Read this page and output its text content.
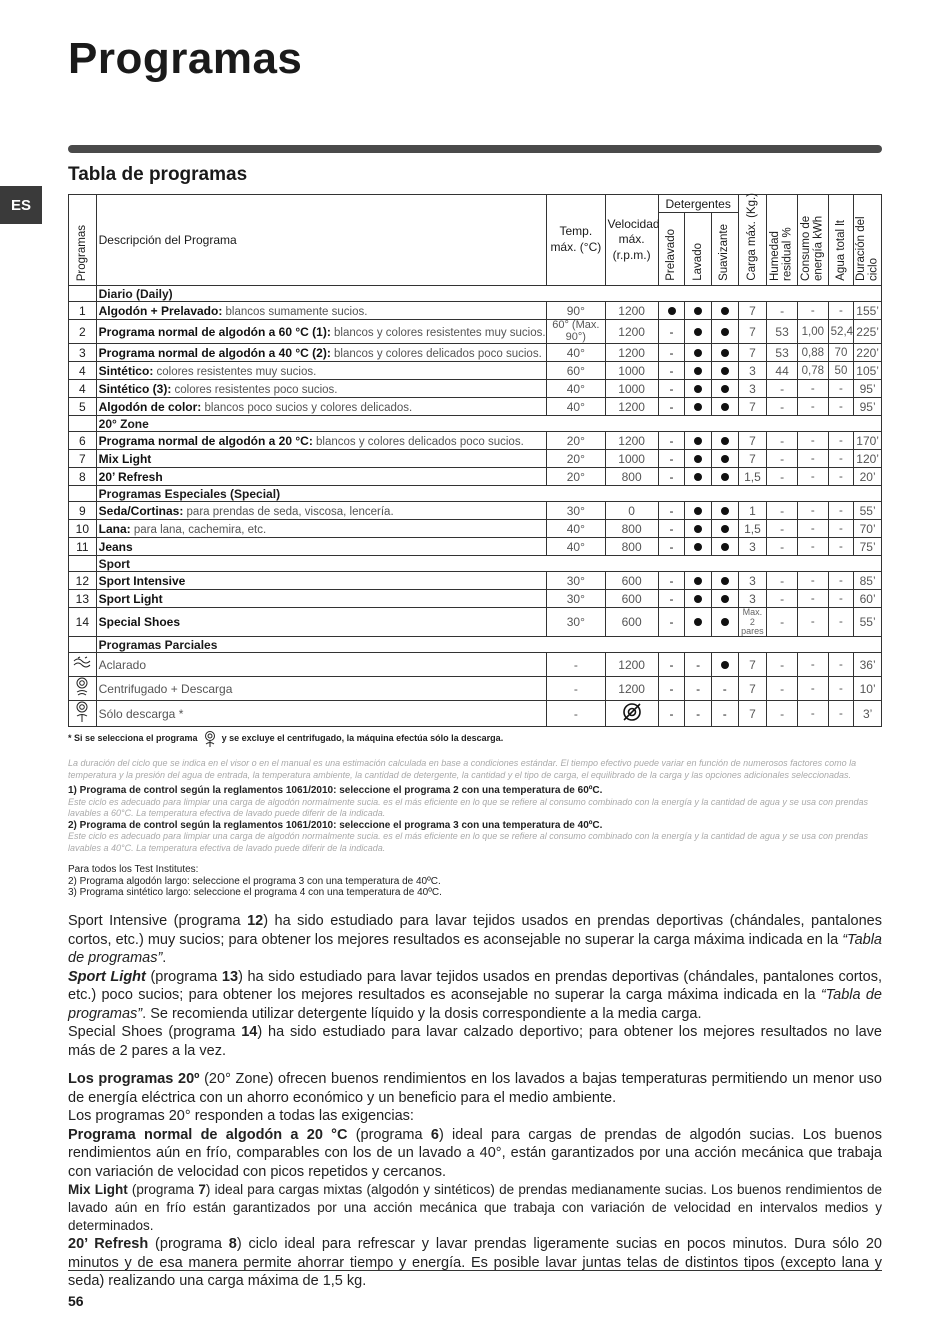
Programas
ES
Tabla de programas
Programas	Descripción del Programa	Temp. máx. (°C)	Velocidad máx. (r.p.m.)	Detergentes			Carga máx. (Kg.)	Humedad residual %	Consumo de energía kWh	Agua total lt	Duración del ciclo

				Prelavado	Lavado	Suavizante					

	Diario (Daily)										
1	Algodón + Prelavado: blancos sumamente sucios.	90°	1200				7	-	-	-	155’
2	Programa normal de algodón a 60 °C (1): blancos y colores resistentes muy sucios.	60° (Max. 90°)	1200	-			7	53	1,00	52,4	225’
3	Programa normal de algodón a 40 °C (2): blancos y colores delicados poco sucios.	40°	1200	-			7	53	0,88	70	220’
4	Sintético: colores resistentes muy sucios.	60°	1000	-			3	44	0,78	50	105’
4	Sintético (3): colores resistentes poco sucios.	40°	1000	-			3	-	-	-	95’
5	Algodón de color: blancos poco sucios y colores delicados.	40°	1200	-			7	-	-	-	95’
	20° Zone										
6	Programa normal de algodón a 20 °C: blancos y colores delicados poco sucios.	20°	1200	-			7	-	-	-	170’
7	Mix Light	20°	1000	-			7	-	-	-	120’
8	20’ Refresh	20°	800	-			1,5	-	-	-	20’
	Programas Especiales (Special)										
9	Seda/Cortinas: para prendas de seda, viscosa, lencería.	30°	0	-			1	-	-	-	55’
10	Lana: para lana, cachemira, etc.	40°	800	-			1,5	-	-	-	70’
11	Jeans	40°	800	-			3	-	-	-	75’
	Sport										
12	Sport Intensive	30°	600	-			3	-	-	-	85’
13	Sport Light	30°	600	-			3	-	-	-	60’
14	Special Shoes	30°	600	-			Max. 2 pares	-	-	-	55’
	Programas Parciales										
	Aclarado	-	1200	-	-		7	-	-	-	36’
	Centrifugado + Descarga	-	1200	-	-	-	7	-	-	-	10’
	Sólo descarga *	-		-	-	-	7	-	-	-	3’

* Si se selecciona el programa	y se excluye el centrifugado, la máquina efectúa sólo la descarga.

La duración del ciclo que se indica en el visor o en el manual es una estimación calculada en base a condiciones estándar. El tiempo efectivo puede variar en función de numerosos factores como la temperatura y la presión del agua de entrada, la temperatura ambiente, la cantidad de detergente, la cantidad y el tipo de carga, el equilibrado de la carga y las opciones adicionales seleccionadas.

1) Programa de control según la reglamentos 1061/2010: seleccione el programa 2 con una temperatura de 60ºC.

Este ciclo es adecuado para limpiar una carga de algodón normalmente sucia. es el más eficiente en lo que se refiere al consumo combinado con la energía y la cantidad de agua y se usa con prendas lavables a 60°C. La temperatura efectiva de lavado puede diferir de la indicada.

2) Programa de control según la reglamentos 1061/2010: seleccione el programa 3 con una temperatura de 40ºC.

Este ciclo es adecuado para limpiar una carga de algodón normalmente sucia. es el más eficiente en lo que se refiere al consumo combinado con la energía y la cantidad de agua y se usa con prendas lavables a 40°C. La temperatura efectiva de lavado puede diferir de la indicada.

Para todos los Test Institutes:

2) Programa algodón largo: seleccione el programa 3 con una temperatura de 40ºC.

3) Programa sintético largo: seleccione el programa 4 con una temperatura de 40ºC.

Sport Intensive (programa 12) ha sido estudiado para lavar tejidos usados en prendas deportivas (chándales, pantalones cortos, etc.) muy sucios; para obtener los mejores resultados es aconsejable no superar la carga máxima indicada en la “Tabla de programas”.

Sport Light (programa 13) ha sido estudiado para lavar tejidos usados en prendas deportivas (chándales, pantalones cortos, etc.) poco sucios; para obtener los mejores resultados es aconsejable no superar la carga máxima indicada en la “Tabla de programas”. Se recomienda utilizar detergente líquido y la dosis correspondiente a la media carga.

Special Shoes (programa 14) ha sido estudiado para lavar calzado deportivo; para obtener los mejores resultados no lave más de 2 pares a la vez.

Los programas 20º (20° Zone) ofrecen buenos rendimientos en los lavados a bajas temperaturas permitiendo un menor uso de energía eléctrica con un ahorro económico y un beneficio para el medio ambiente.

Los programas 20° responden a todas las exigencias:

Programa normal de algodón a 20 °C (programa 6) ideal para cargas de prendas de algodón sucias. Los buenos rendimientos aún en frío, comparables con los de un lavado a 40°, están garantizados por una acción mecánica que trabaja con variación de velocidad con picos repetidos y cercanos.

Mix Light (programa 7) ideal para cargas mixtas (algodón y sintéticos) de prendas medianamente sucias. Los buenos rendimientos de lavado aún en frío están garantizados por una acción mecánica que trabaja con variación de velocidad en intervalos medios y determinados.

20’ Refresh (programa 8) ciclo ideal para refrescar y lavar prendas ligeramente sucias en pocos minutos. Dura sólo 20 minutos y de esa manera permite ahorrar tiempo y energía. Es posible lavar juntas telas de distintos tipos (excepto lana y seda) realizando una carga máxima de 1,5 kg.

56
